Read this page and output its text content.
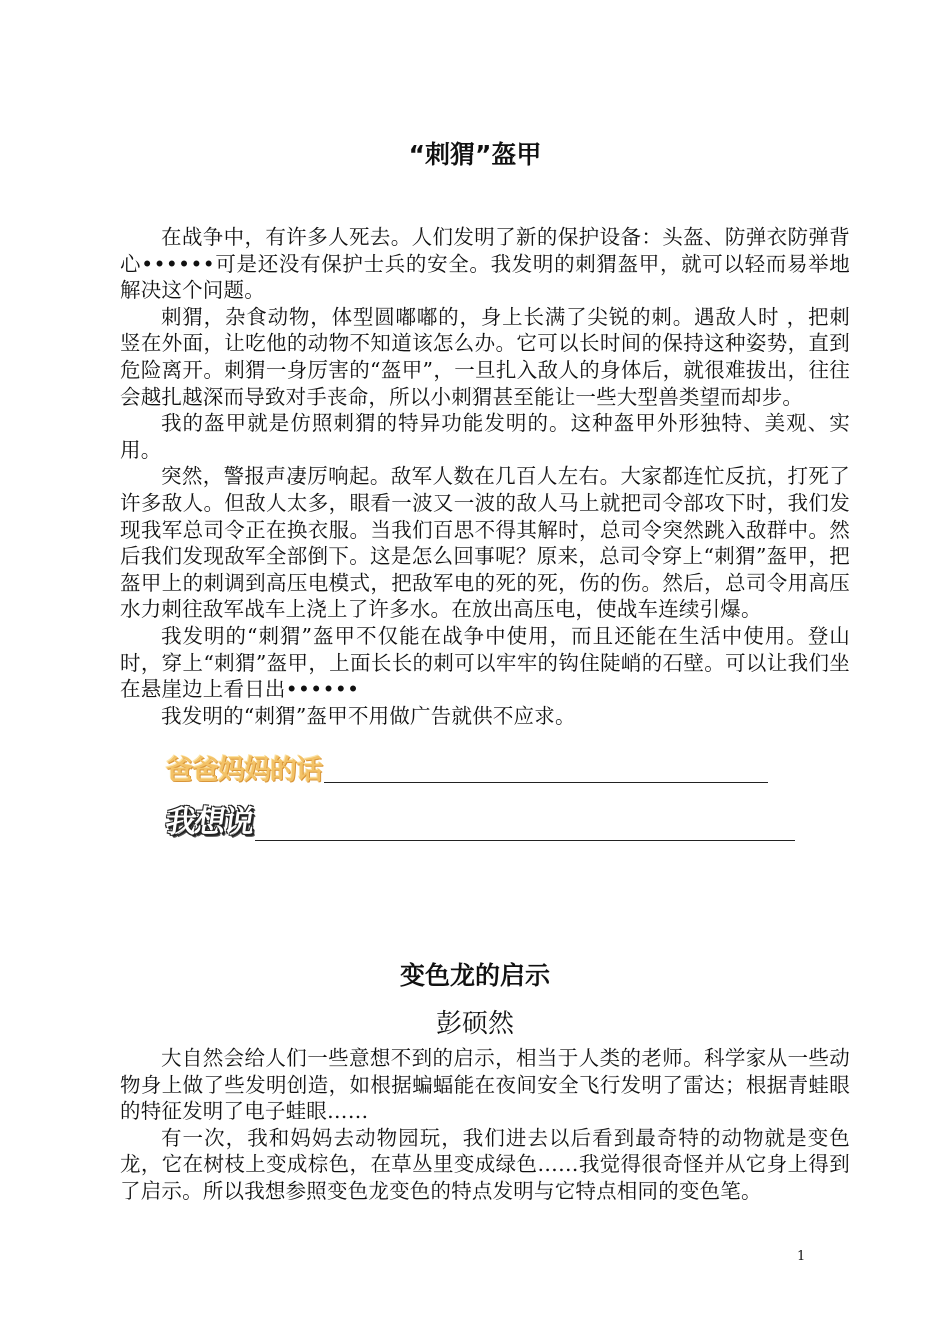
“刺猬”盔甲

在战争中，有许多人死去。人们发明了新的保护设备：头盔、防弹衣防弹背心••••••可是还没有保护士兵的安全。我发明的刺猬盔甲，就可以轻而易举地解决这个问题。

刺猬，杂食动物，体型圆嘟嘟的，身上长满了尖锐的刺。遇敌人时 ，把刺 竖在外面，让吃他的动物不知道该怎么办。它可以长时间的保持这种姿势，直到危险离开。刺猬一身厉害的“盔甲”，一旦扎入敌人的身体后，就很难拔出，往往会越扎越深而导致对手丧命，所以小刺猬甚至能让一些大型兽类望而却步。

我的盔甲就是仿照刺猬的特异功能发明的。这种盔甲外形独特、美观、实用。

突然，警报声凄厉响起。敌军人数在几百人左右。大家都连忙反抗，打死了许多敌人。但敌人太多，眼看一波又一波的敌人马上就把司令部攻下时，我们发现我军总司令正在换衣服。当我们百思不得其解时，总司令突然跳入敌群中。然后我们发现敌军全部倒下。这是怎么回事呢？原来，总司令穿上“刺猬”盔甲，把盔甲上的刺调到高压电模式，把敌军电的死的死，伤的伤。然后，总司令用高压水力刺往敌军战车上浇上了许多水。在放出高压电，使战车连续引爆。

我发明的“刺猬”盔甲不仅能在战争中使用，而且还能在生活中使用。登山时，穿上“刺猬”盔甲，上面长长的刺可以牢牢的钩住陡峭的石壁。可以让我们坐在悬崖边上看日出••••••

我发明的“刺猬”盔甲不用做广告就供不应求。

爸爸妈妈的话
我想说
变色龙的启示
彭硕然

大自然会给人们一些意想不到的启示，相当于人类的老师。科学家从一些动物身上做了些发明创造，如根据蝙蝠能在夜间安全飞行发明了雷达；根据青蛙眼的特征发明了电子蛙眼……

有一次，我和妈妈去动物园玩，我们进去以后看到最奇特的动物就是变色龙，它在树枝上变成棕色，在草丛里变成绿色……我觉得很奇怪并从它身上得到了启示。所以我想参照变色龙变色的特点发明与它特点相同的变色笔。

1
